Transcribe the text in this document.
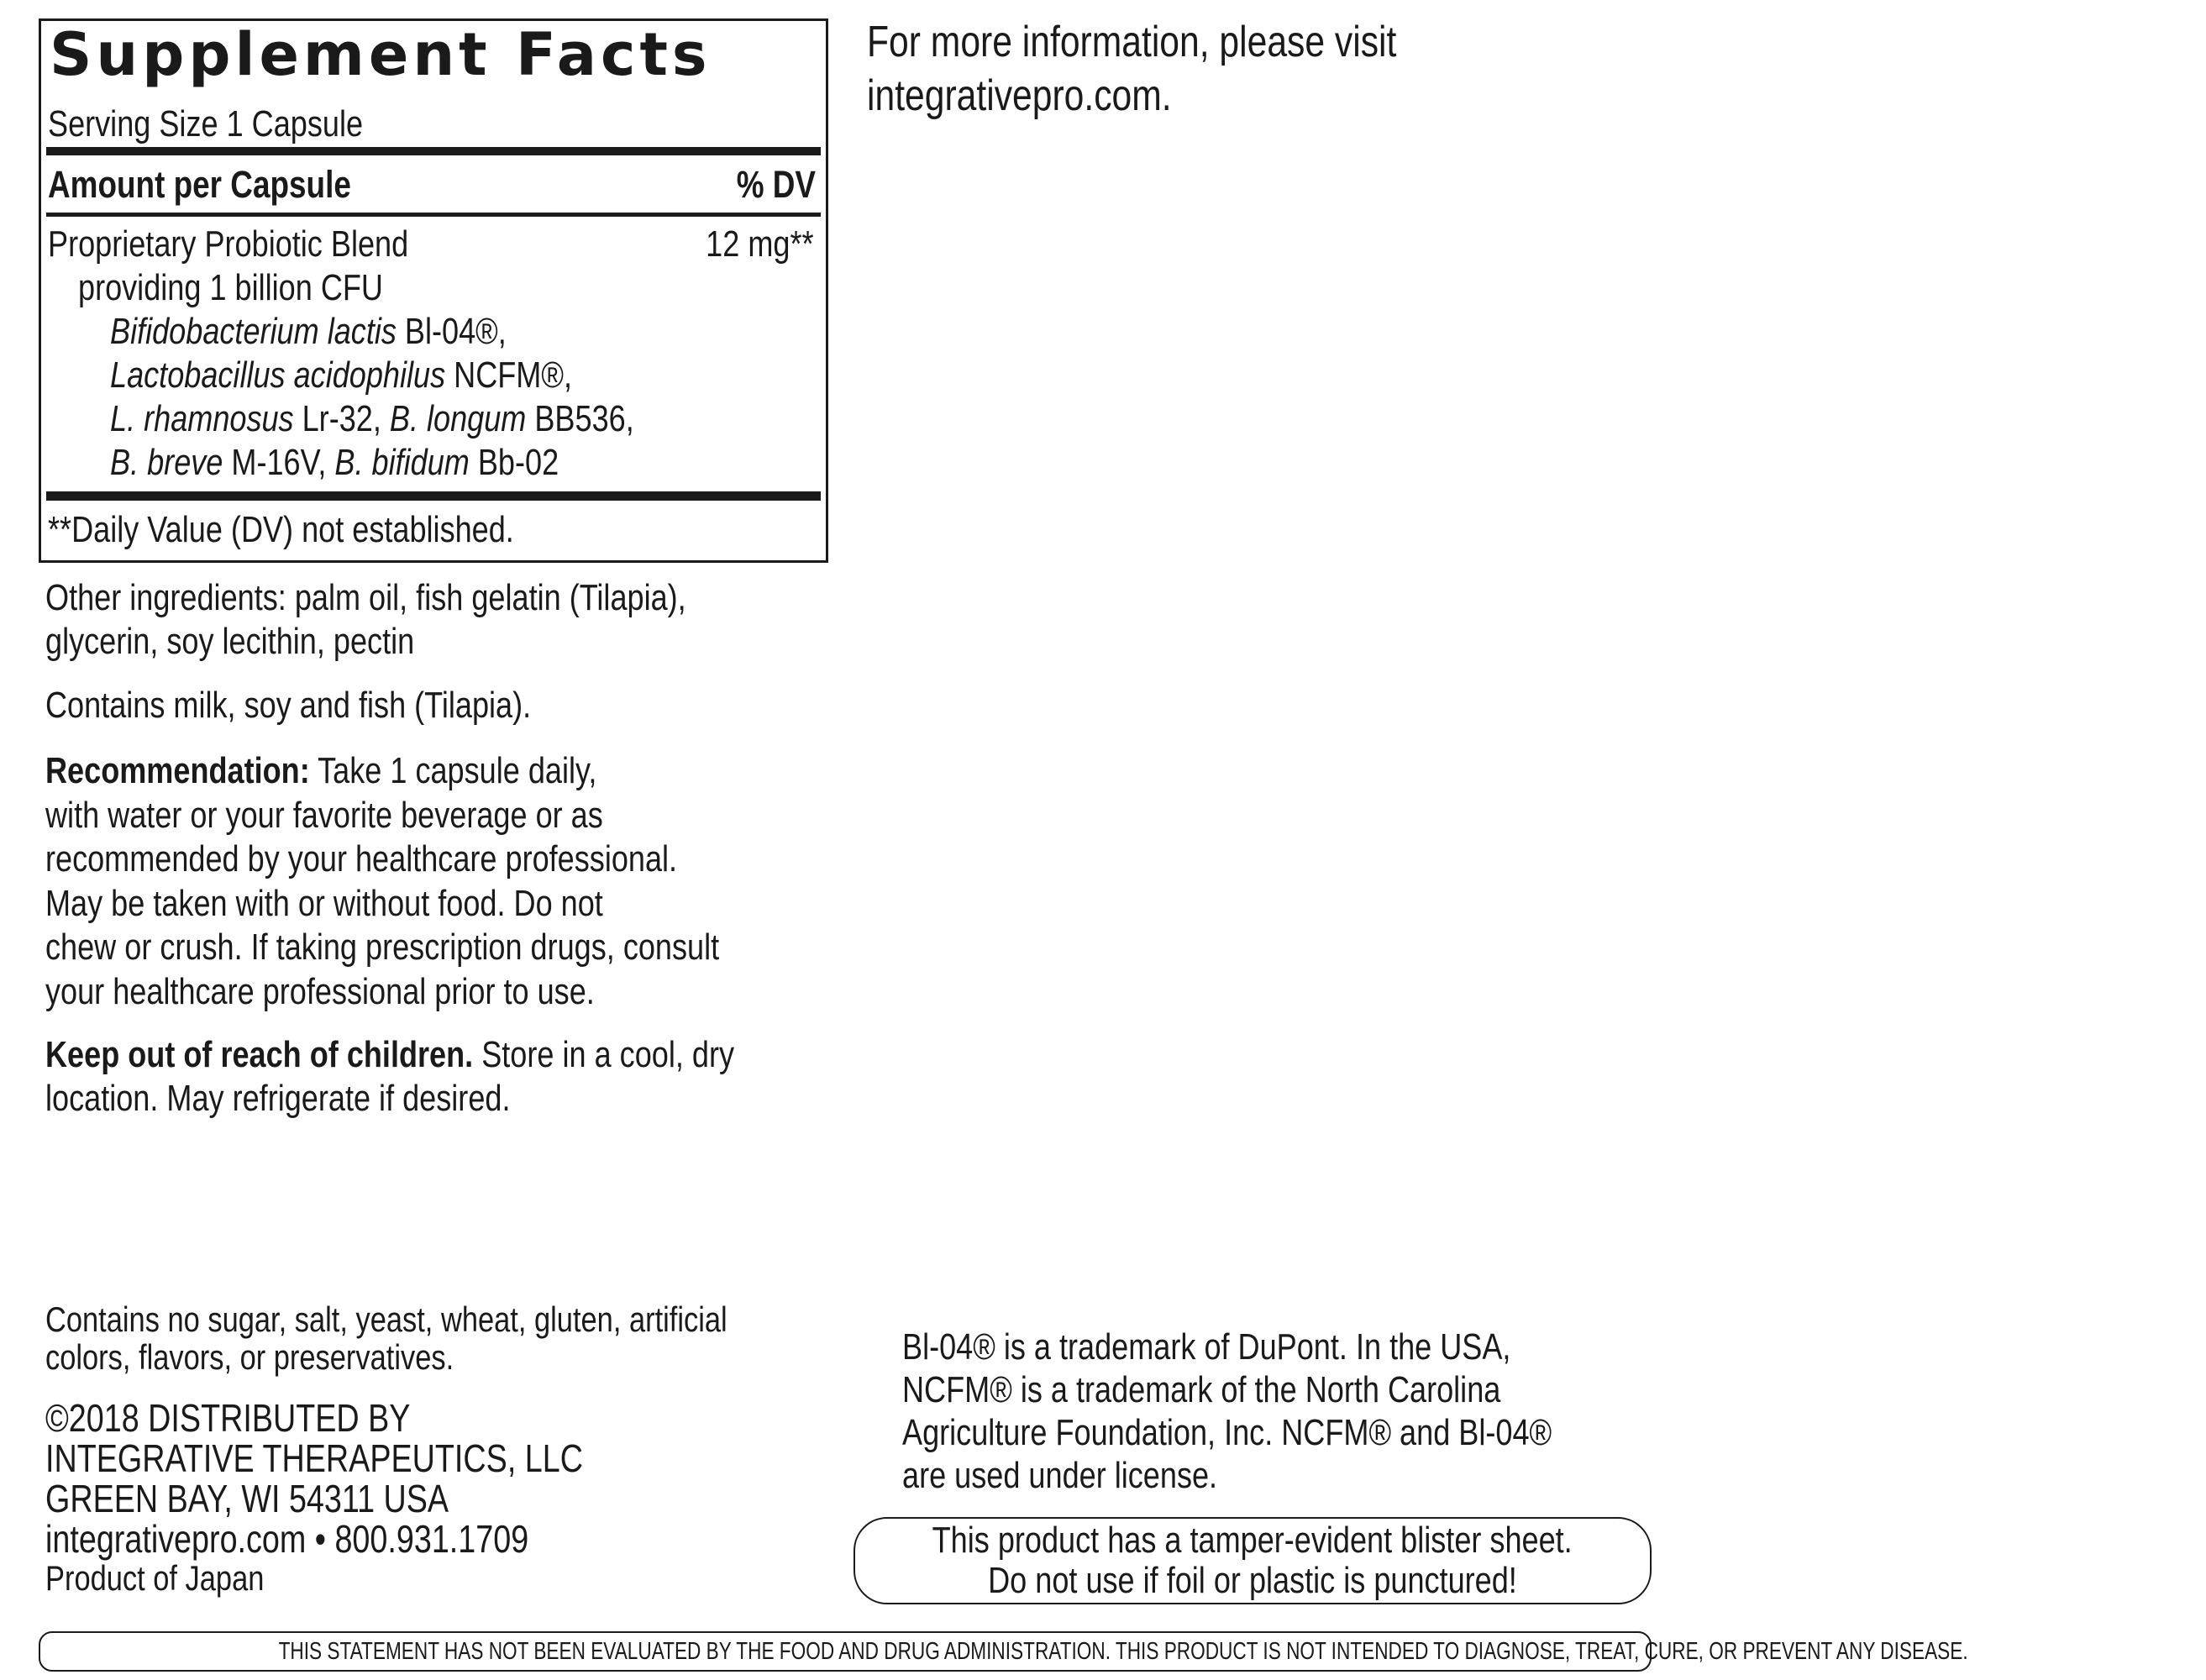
Supplement Facts
Serving Size 1 Capsule
Amount per Capsule	% DV
Proprietary Probiotic Blend
providing 1 billion CFU
Bifidobacterium lactis Bl-04®,
Lactobacillus acidophilus NCFM®,
L. rhamnosus Lr-32, B. longum BB536,
B. breve M-16V, B. bifidum Bb-02
12 mg**
**Daily Value (DV) not established.
Other ingredients: palm oil, fish gelatin (Tilapia),
glycerin, soy lecithin, pectin
Contains milk, soy and fish (Tilapia).
Recommendation: Take 1 capsule daily,
with water or your favorite beverage or as
recommended by your healthcare professional.
May be taken with or without food. Do not
chew or crush. If taking prescription drugs, consult
your healthcare professional prior to use.
Keep out of reach of children. Store in a cool, dry
location. May refrigerate if desired.
Contains no sugar, salt, yeast, wheat, gluten, artificial
colors, flavors, or preservatives.
©2018 DISTRIBUTED BY
INTEGRATIVE THERAPEUTICS, LLC
GREEN BAY, WI 54311 USA
integrativepro.com • 800.931.1709
Product of Japan
For more information, please visit
integrativepro.com.
Bl-04® is a trademark of DuPont. In the USA,
NCFM® is a trademark of the North Carolina
Agriculture Foundation, Inc. NCFM® and Bl-04®
are used under license.
This product has a tamper-evident blister sheet.
Do not use if foil or plastic is punctured!
THIS STATEMENT HAS NOT BEEN EVALUATED BY THE FOOD AND DRUG ADMINISTRATION. THIS PRODUCT IS NOT INTENDED TO DIAGNOSE, TREAT, CURE, OR PREVENT ANY DISEASE.
